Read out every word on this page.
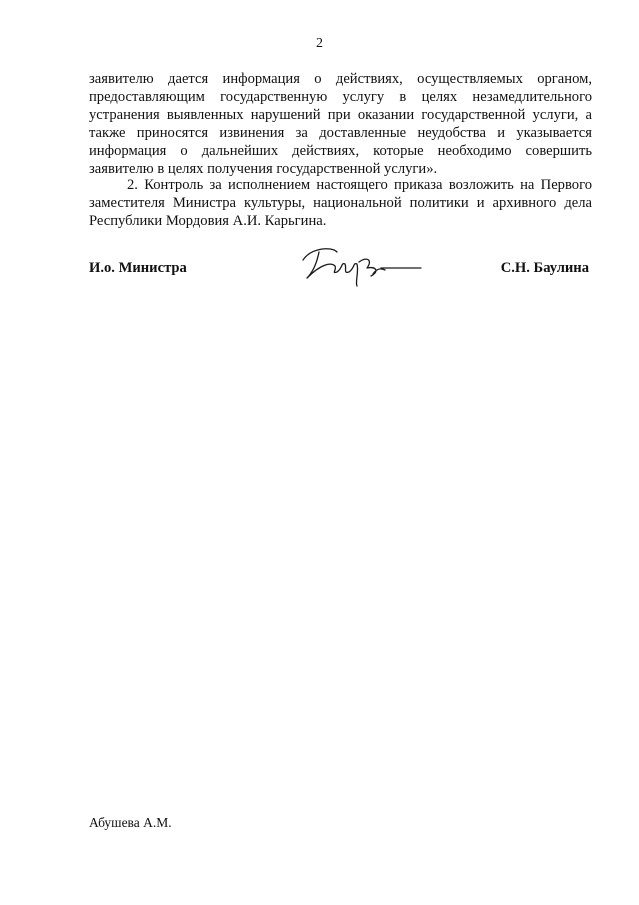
2
заявителю дается информация о действиях, осуществляемых органом,
предоставляющим государственную услугу в целях незамедлительного
устранения выявленных нарушений при оказании государственной услуги, а
также приносятся извинения за доставленные неудобства и указывается
информация о дальнейших действиях, которые необходимо совершить
заявителю в целях получения государственной услуги».
2. Контроль за исполнением настоящего приказа возложить на Первого
заместителя Министра культуры, национальной политики и архивного дела
Республики Мордовия А.И. Карьгина.
И.о. Министра	С.Н. Баулина
Абушева А.М.
